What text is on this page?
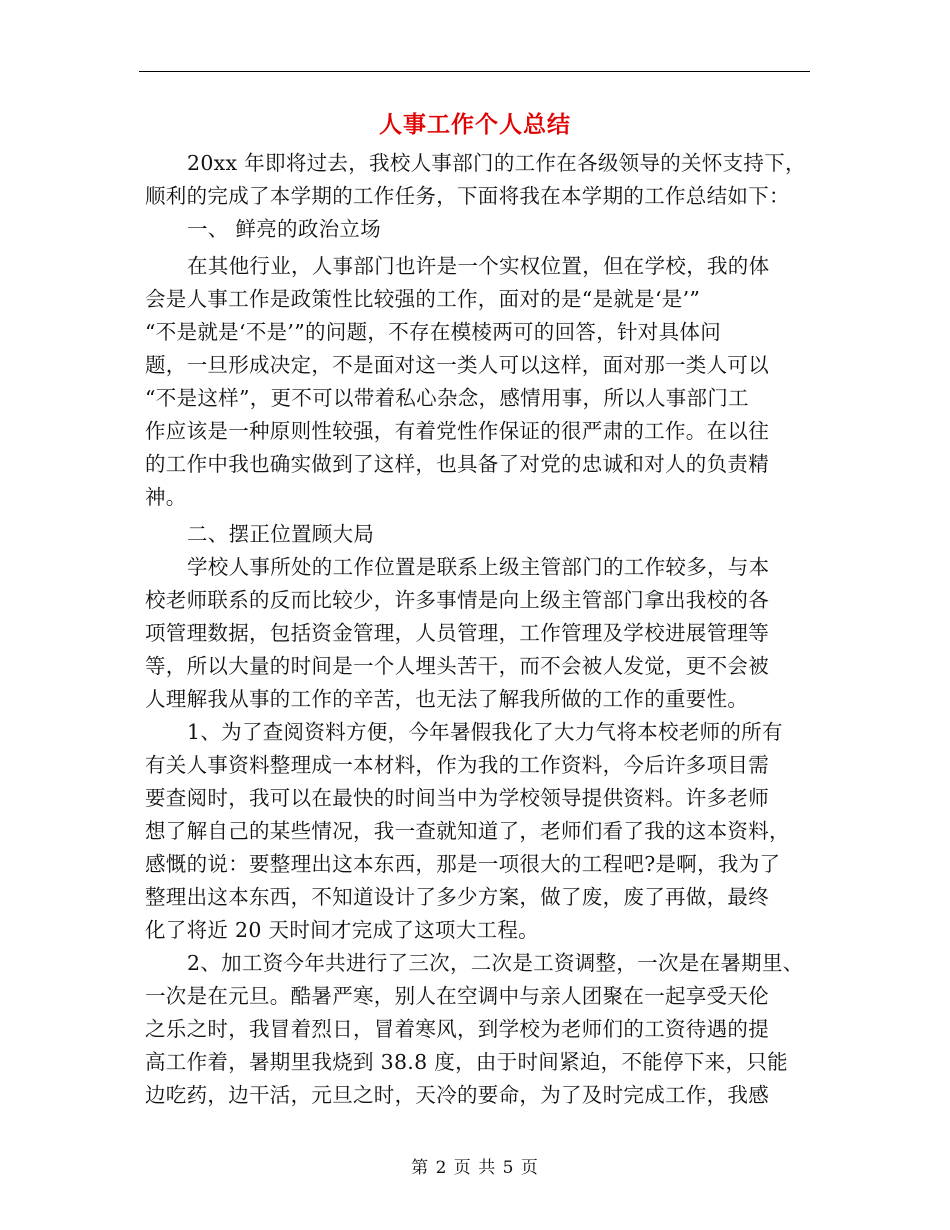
人事工作个人总结
20xx 年即将过去，我校人事部门的工作在各级领导的关怀支持下，
顺利的完成了本学期的工作任务，下面将我在本学期的工作总结如下：
一、 鲜亮的政治立场
在其他行业，人事部门也许是一个实权位置，但在学校，我的体
会是人事工作是政策性比较强的工作，面对的是“是就是‘是’”
“不是就是‘不是’”的问题，不存在模棱两可的回答，针对具体问
题，一旦形成决定，不是面对这一类人可以这样，面对那一类人可以
“不是这样”，更不可以带着私心杂念，感情用事，所以人事部门工
作应该是一种原则性较强，有着党性作保证的很严肃的工作。在以往
的工作中我也确实做到了这样，也具备了对党的忠诚和对人的负责精
神。
二、摆正位置顾大局
学校人事所处的工作位置是联系上级主管部门的工作较多，与本
校老师联系的反而比较少，许多事情是向上级主管部门拿出我校的各
项管理数据，包括资金管理，人员管理，工作管理及学校进展管理等
等，所以大量的时间是一个人埋头苦干，而不会被人发觉，更不会被
人理解我从事的工作的辛苦，也无法了解我所做的工作的重要性。
1、为了查阅资料方便，今年暑假我化了大力气将本校老师的所有
有关人事资料整理成一本材料，作为我的工作资料，今后许多项目需
要查阅时，我可以在最快的时间当中为学校领导提供资料。许多老师
想了解自己的某些情况，我一查就知道了，老师们看了我的这本资料，
感慨的说：要整理出这本东西，那是一项很大的工程吧?是啊，我为了
整理出这本东西，不知道设计了多少方案，做了废，废了再做，最终
化了将近 20 天时间才完成了这项大工程。
2、加工资今年共进行了三次，二次是工资调整，一次是在暑期里、
一次是在元旦。酷暑严寒，别人在空调中与亲人团聚在一起享受天伦
之乐之时，我冒着烈日，冒着寒风，到学校为老师们的工资待遇的提
高工作着，暑期里我烧到 38.8 度，由于时间紧迫，不能停下来，只能
边吃药，边干活，元旦之时，天冷的要命，为了及时完成工作，我感
第 2 页 共 5 页
